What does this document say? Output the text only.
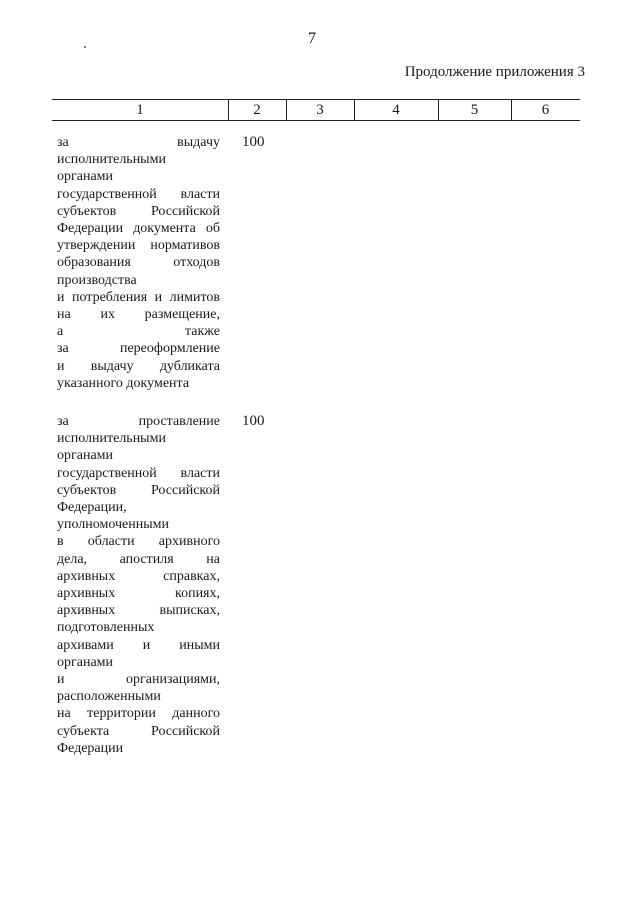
7
Продолжение приложения 3
1	2	3	4	5	6
за выдачу
исполнительными
органами
государственной власти
субъектов Российской
Федерации документа об
утверждении нормативов
образования отходов
производства
и потребления и лимитов
на их размещение,
а также
за переоформление
и выдачу дубликата
указанного документа
100
за проставление
исполнительными
органами
государственной власти
субъектов Российской
Федерации,
уполномоченными
в области архивного
дела, апостиля на
архивных справках,
архивных копиях,
архивных выписках,
подготовленных
архивами и иными
органами
и организациями,
расположенными
на территории данного
субъекта Российской
Федерации
100
